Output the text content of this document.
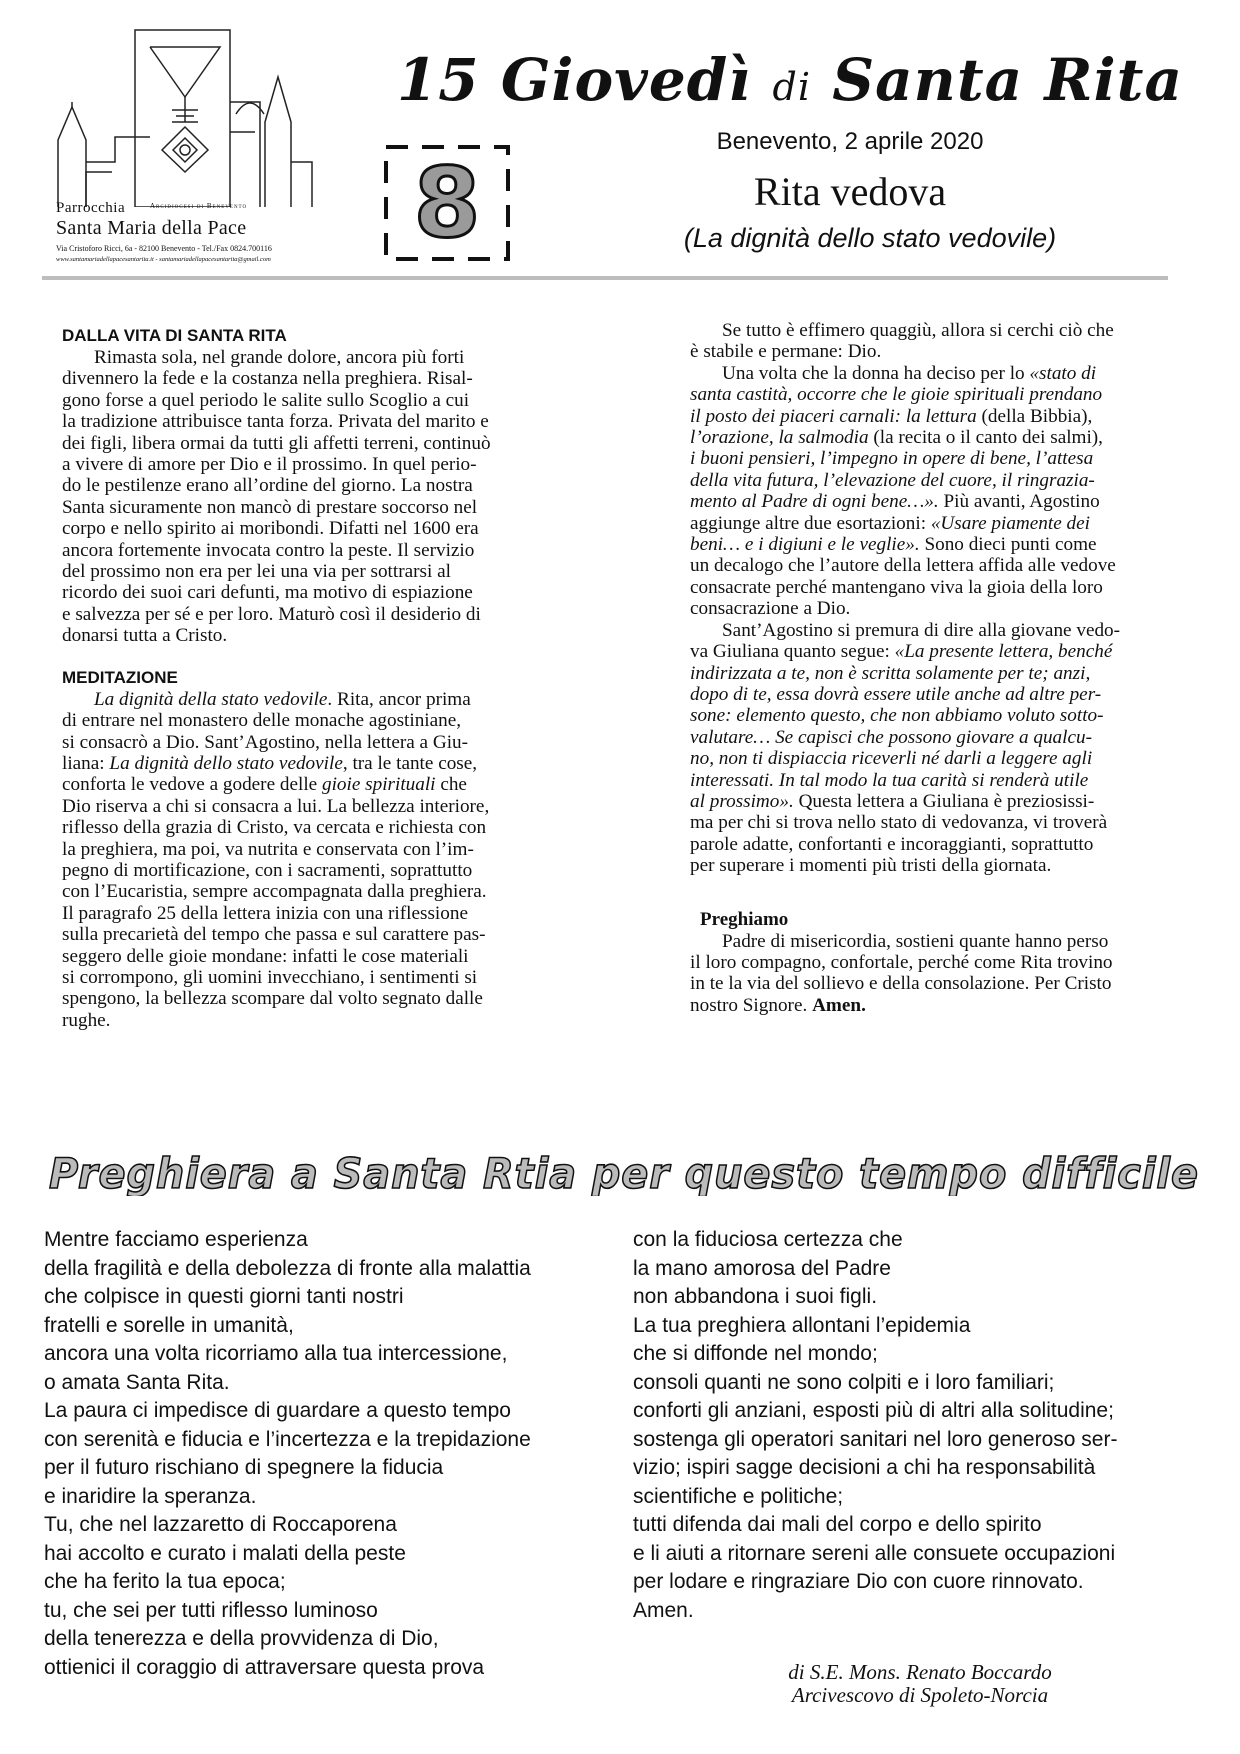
Parrocchia	Arcidiocesi di Benevento
Santa Maria della Pace
Via Cristoforo Ricci, 6a - 82100 Benevento - Tel./Fax 0824.700116
www.santamariadellapacesantarita.it - santamariadellapacesantarita@gmail.com
8
15 Giovedì di Santa Rita
Benevento, 2 aprile 2020
Rita vedova
(La dignità dello stato vedovile)
DALLA VITA DI SANTA RITA
Rimasta sola, nel grande dolore, ancora più forti
divennero la fede e la costanza nella preghiera. Risal-
gono forse a quel periodo le salite sullo Scoglio a cui
la tradizione attribuisce tanta forza. Privata del marito e
dei figli, libera ormai da tutti gli affetti terreni, continuò
a vivere di amore per Dio e il prossimo. In quel perio-
do le pestilenze erano all’ordine del giorno. La nostra
Santa sicuramente non mancò di prestare soccorso nel
corpo e nello spirito ai moribondi. Difatti nel 1600 era
ancora fortemente invocata contro la peste. Il servizio
del prossimo non era per lei una via per sottrarsi al
ricordo dei suoi cari defunti, ma motivo di espiazione
e salvezza per sé e per loro. Maturò così il desiderio di
donarsi tutta a Cristo.
MEDITAZIONE
La dignità della stato vedovile. Rita, ancor prima
di entrare nel monastero delle monache agostiniane,
si consacrò a Dio. Sant’Agostino, nella lettera a Giu-
liana: La dignità dello stato vedovile, tra le tante cose,
conforta le vedove a godere delle gioie spirituali che
Dio riserva a chi si consacra a lui. La bellezza interiore,
riflesso della grazia di Cristo, va cercata e richiesta con
la preghiera, ma poi, va nutrita e conservata con l’im-
pegno di mortificazione, con i sacramenti, soprattutto
con l’Eucaristia, sempre accompagnata dalla preghiera.
Il paragrafo 25 della lettera inizia con una riflessione
sulla precarietà del tempo che passa e sul carattere pas-
seggero delle gioie mondane: infatti le cose materiali
si corrompono, gli uomini invecchiano, i sentimenti si
spengono, la bellezza scompare dal volto segnato dalle
rughe.
Se tutto è effimero quaggiù, allora si cerchi ciò che
è stabile e permane: Dio.
Una volta che la donna ha deciso per lo «stato di
santa castità, occorre che le gioie spirituali prendano
il posto dei piaceri carnali: la lettura (della Bibbia),
l’orazione, la salmodia (la recita o il canto dei salmi),
i buoni pensieri, l’impegno in opere di bene, l’attesa
della vita futura, l’elevazione del cuore, il ringrazia-
mento al Padre di ogni bene…». Più avanti, Agostino
aggiunge altre due esortazioni: «Usare piamente dei
beni… e i digiuni e le veglie». Sono dieci punti come
un decalogo che l’autore della lettera affida alle vedove
consacrate perché mantengano viva la gioia della loro
consacrazione a Dio.
Sant’Agostino si premura di dire alla giovane vedo-
va Giuliana quanto segue: «La presente lettera, benché
indirizzata a te, non è scritta solamente per te; anzi,
dopo di te, essa dovrà essere utile anche ad altre per-
sone: elemento questo, che non abbiamo voluto sotto-
valutare… Se capisci che possono giovare a qualcu-
no, non ti dispiaccia riceverli né darli a leggere agli
interessati. In tal modo la tua carità si renderà utile
al prossimo». Questa lettera a Giuliana è preziosissi-
ma per chi si trova nello stato di vedovanza, vi troverà
parole adatte, confortanti e incoraggianti, soprattutto
per superare i momenti più tristi della giornata.
Preghiamo
Padre di misericordia, sostieni quante hanno perso
il loro compagno, confortale, perché come Rita trovino
in te la via del sollievo e della consolazione. Per Cristo
nostro Signore. Amen.
Preghiera a Santa Rtia per questo tempo difficile
Mentre facciamo esperienza
della fragilità e della debolezza di fronte alla malattia
che colpisce in questi giorni tanti nostri
fratelli e sorelle in umanità,
ancora una volta ricorriamo alla tua intercessione,
o amata Santa Rita.
La paura ci impedisce di guardare a questo tempo
con serenità e fiducia e l’incertezza e la trepidazione
per il futuro rischiano di spegnere la fiducia
e inaridire la speranza.
Tu, che nel lazzaretto di Roccaporena
hai accolto e curato i malati della peste
che ha ferito la tua epoca;
tu, che sei per tutti riflesso luminoso
della tenerezza e della provvidenza di Dio,
ottienici il coraggio di attraversare questa prova
con la fiduciosa certezza che
la mano amorosa del Padre
non abbandona i suoi figli.
La tua preghiera allontani l’epidemia
che si diffonde nel mondo;
consoli quanti ne sono colpiti e i loro familiari;
conforti gli anziani, esposti più di altri alla solitudine;
sostenga gli operatori sanitari nel loro generoso ser-
vizio; ispiri sagge decisioni a chi ha responsabilità
scientifiche e politiche;
tutti difenda dai mali del corpo e dello spirito
e li aiuti a ritornare sereni alle consuete occupazioni
per lodare e ringraziare Dio con cuore rinnovato.
Amen.
di S.E. Mons. Renato Boccardo
Arcivescovo di Spoleto-Norcia
